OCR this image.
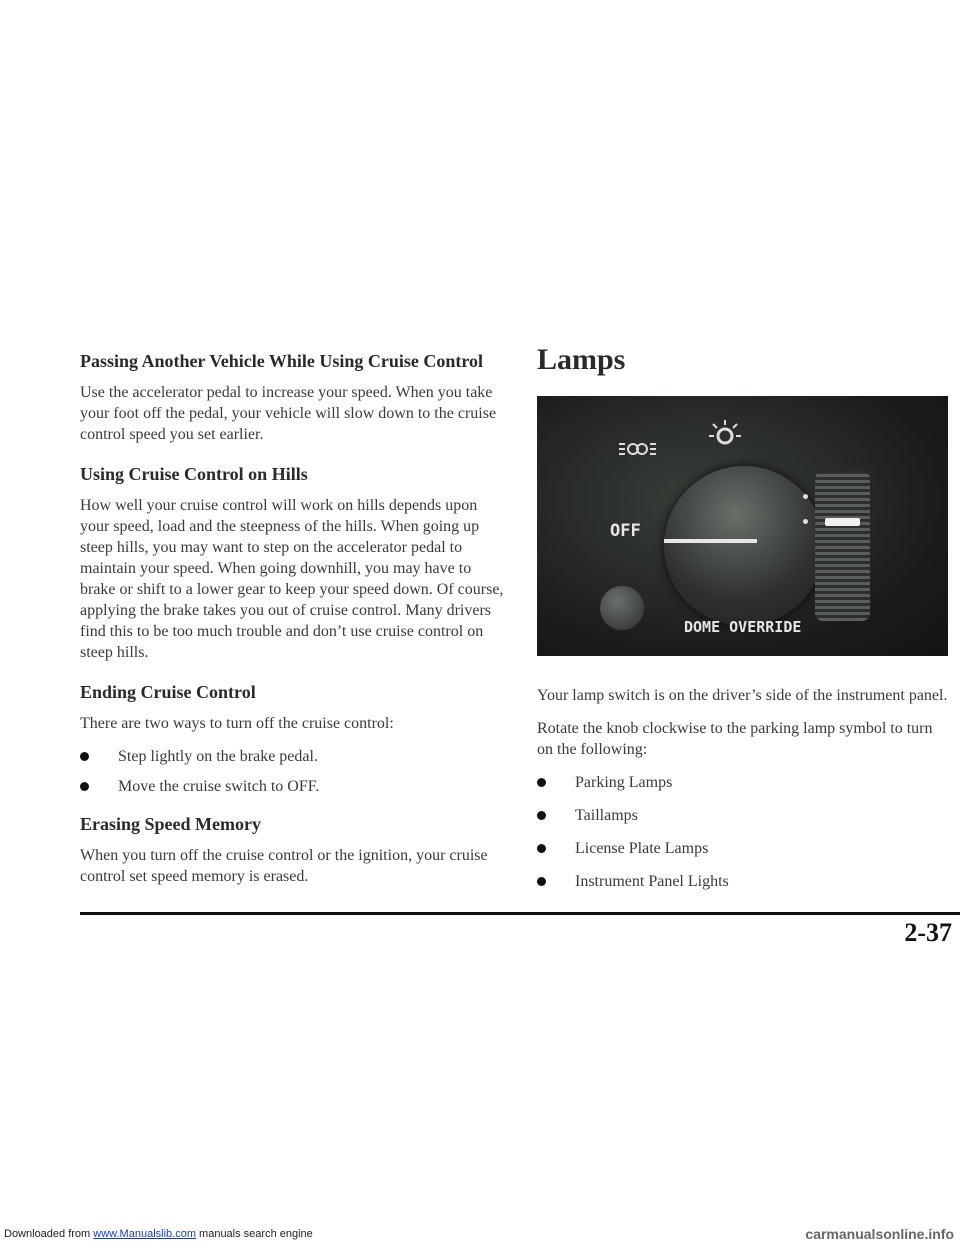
Passing Another Vehicle While Using Cruise Control

Use the accelerator pedal to increase your speed. When you take your foot off the pedal, your vehicle will slow down to the cruise control speed you set earlier.

Using Cruise Control on Hills

How well your cruise control will work on hills depends upon your speed, load and the steepness of the hills. When going up steep hills, you may want to step on the accelerator pedal to maintain your speed. When going downhill, you may have to brake or shift to a lower gear to keep your speed down. Of course, applying the brake takes you out of cruise control. Many drivers find this to be too much trouble and don’t use cruise control on steep hills.

Ending Cruise Control

There are two ways to turn off the cruise control:

Step lightly on the brake pedal.
Move the cruise switch to OFF.
Erasing Speed Memory

When you turn off the cruise control or the ignition, your cruise control set speed memory is erased.

Lamps
OFF
DOME OVERRIDE

Your lamp switch is on the driver’s side of the instrument panel.

Rotate the knob clockwise to the parking lamp symbol to turn on the following:

Parking Lamps
Taillamps
License Plate Lamps
Instrument Panel Lights
2-37
Downloaded from www.Manualslib.com manuals search engine	carmanualsonline.info
